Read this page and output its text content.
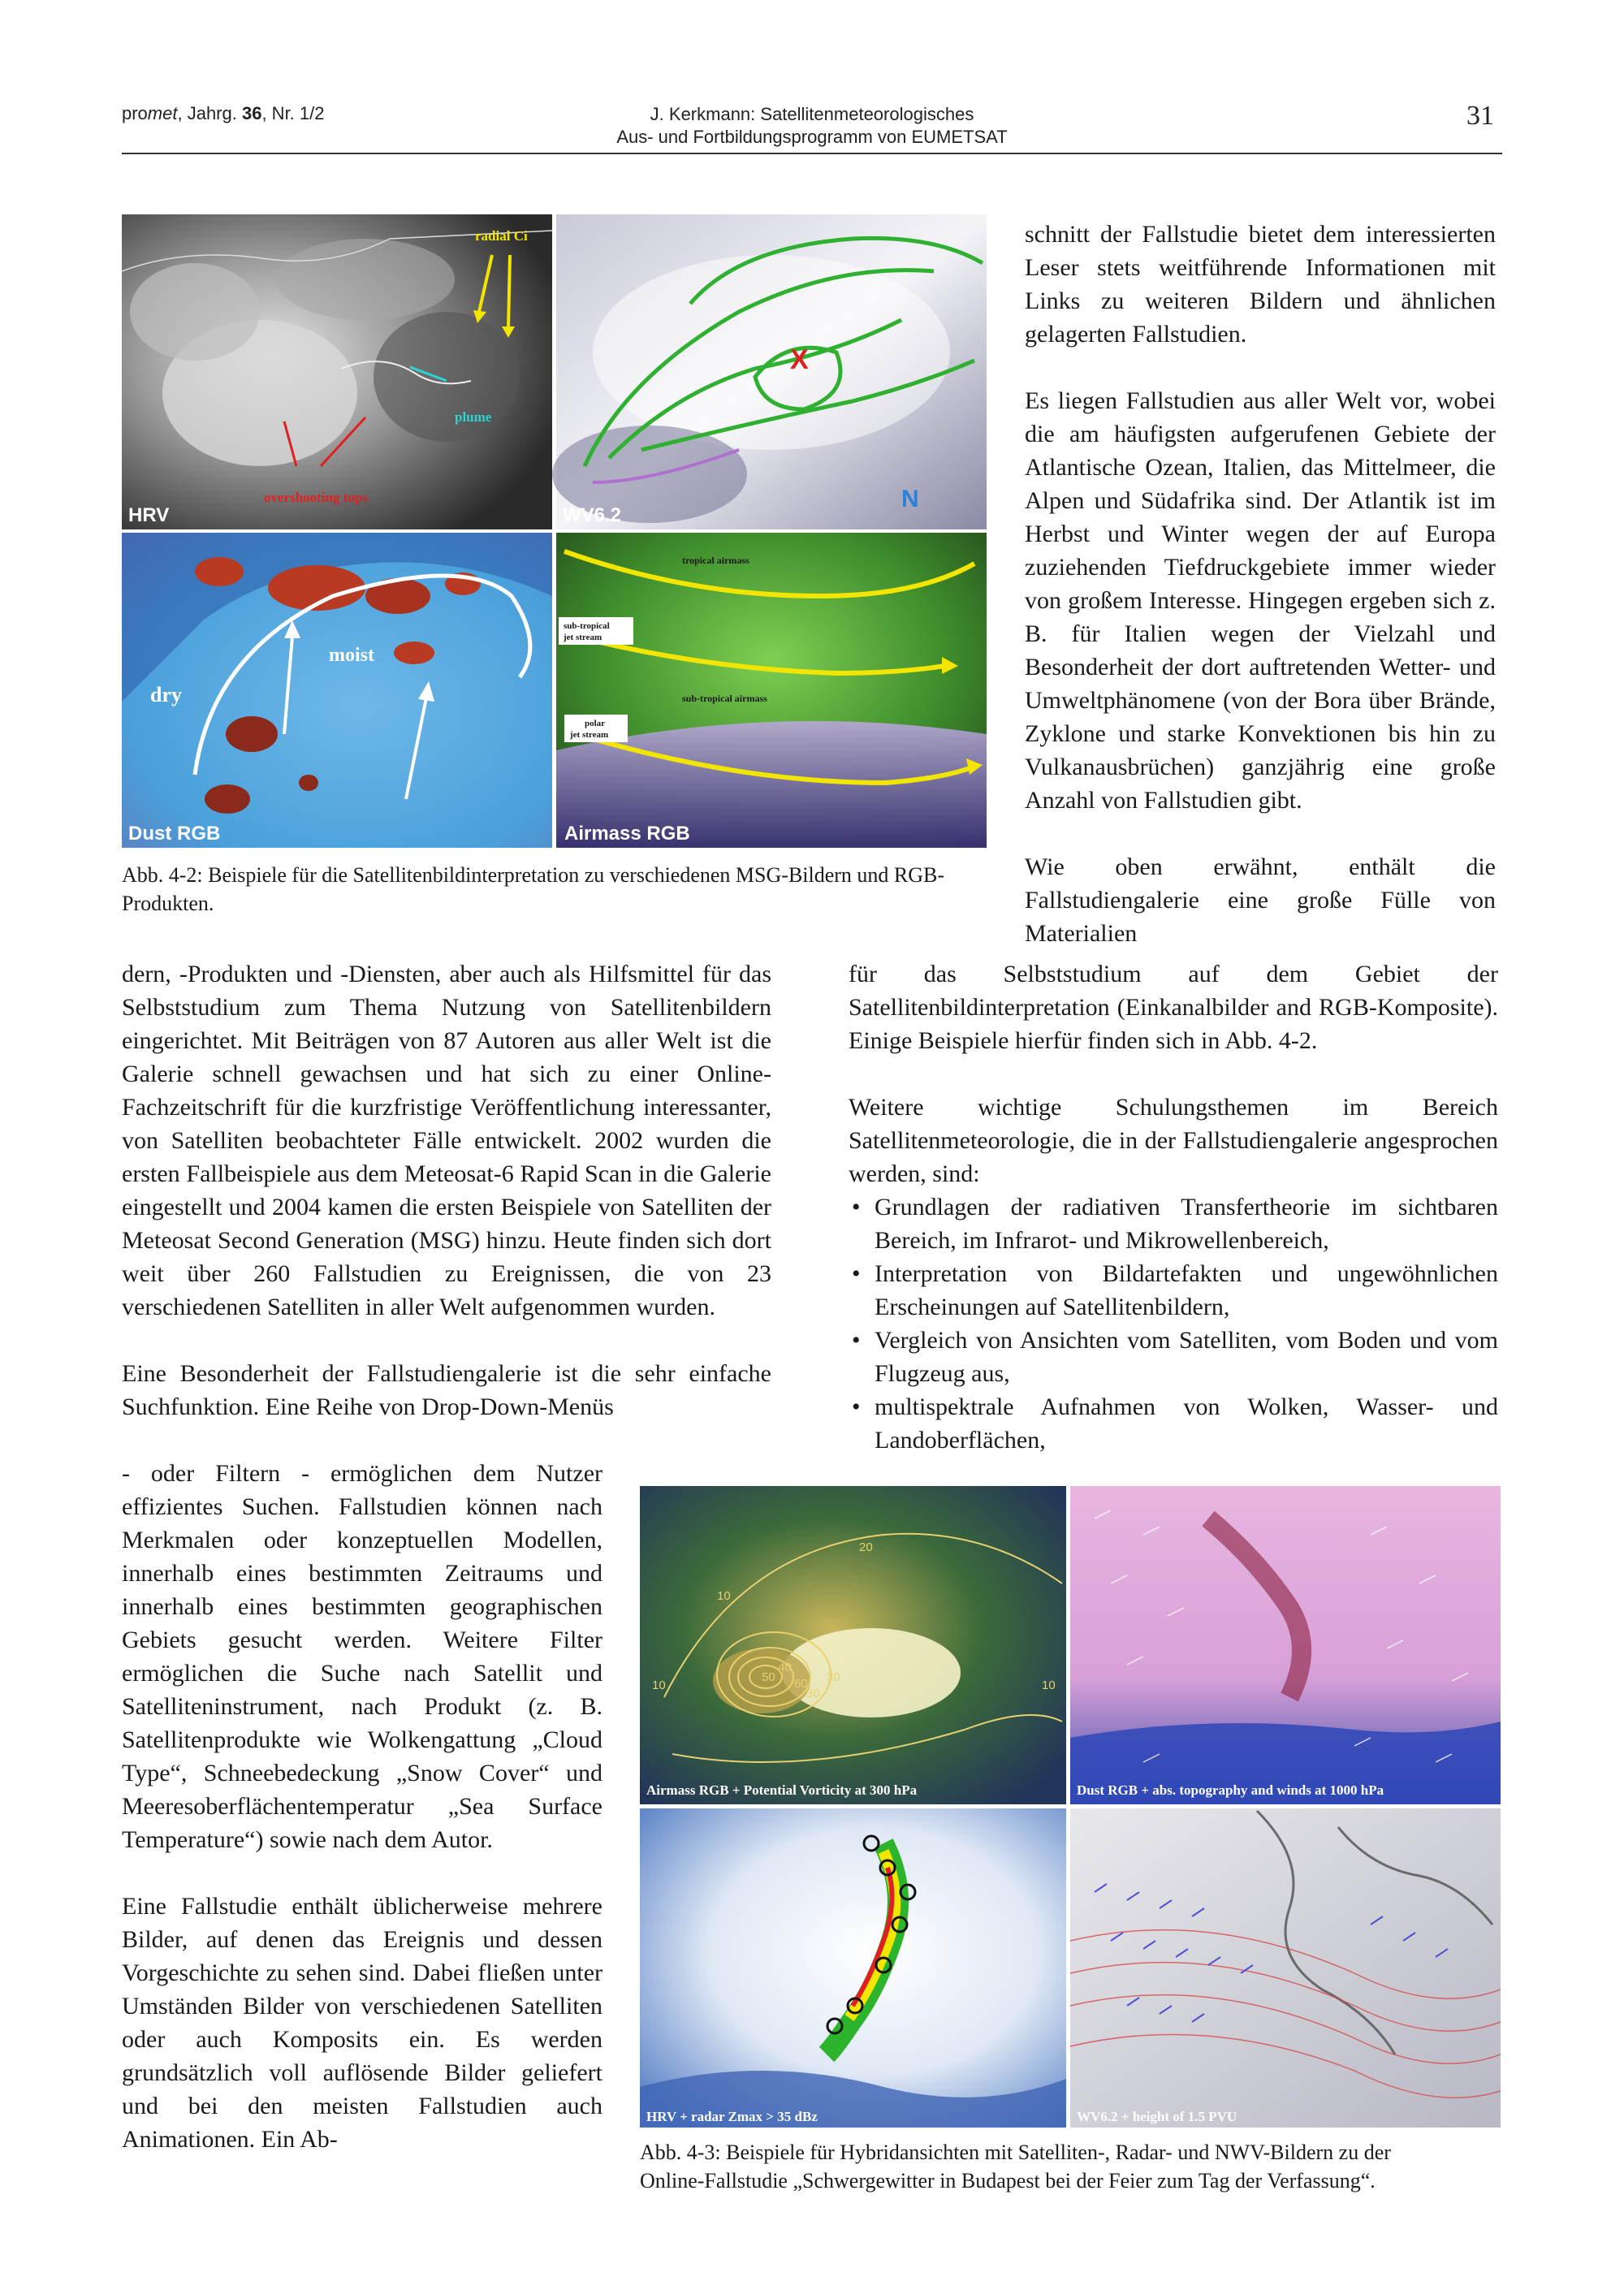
promet, Jahrg. 36, Nr. 1/2	J. Kerkmann: Satellitenmeteorologisches
Aus- und Fortbildungsprogramm von EUMETSAT
31
radial Ci
plume
overshooting tops
HRV
X
N
WV6.2
dry
moist
Dust RGB
tropical airmass
sub-tropical
jet stream
sub-tropical airmass
polar
jet stream
Airmass RGB
Abb. 4-2: Beispiele für die Satellitenbildinterpretation zu verschiedenen MSG-Bildern und RGB-Produkten.

schnitt der Fallstudie bietet dem interessierten Leser stets weitführende Informationen mit Links zu weiteren Bildern und ähnlichen gelagerten Fallstudien.

Es liegen Fallstudien aus aller Welt vor, wobei die am häufigsten aufgerufenen Gebiete der Atlantische Ozean, Italien, das Mittelmeer, die Alpen und Südafrika sind. Der Atlantik ist im Herbst und Winter wegen der auf Europa zuziehenden Tiefdruckgebiete immer wieder von großem Interesse. Hingegen ergeben sich z. B. für Italien wegen der Vielzahl und Besonderheit der dort auftretenden Wetter- und Umweltphänomene (von der Bora über Brände, Zyklone und starke Konvektionen bis hin zu Vulkanausbrüchen) ganzjährig eine große Anzahl von Fallstudien gibt.

Wie oben erwähnt, enthält die Fallstudiengalerie eine große Fülle von Materialien

dern, -Produkten und -Diensten, aber auch als Hilfsmittel für das Selbststudium zum Thema Nutzung von Satellitenbildern eingerichtet. Mit Beiträgen von 87 Autoren aus aller Welt ist die Galerie schnell gewachsen und hat sich zu einer Online-Fachzeitschrift für die kurzfristige Veröffentlichung interessanter, von Satelliten beobachteter Fälle entwickelt. 2002 wurden die ersten Fallbeispiele aus dem Meteosat-6 Rapid Scan in die Galerie eingestellt und 2004 kamen die ersten Beispiele von Satelliten der Meteosat Second Generation (MSG) hinzu. Heute finden sich dort weit über 260 Fallstudien zu Ereignissen, die von 23 verschiedenen Satelliten in aller Welt aufgenommen wurden.

Eine Besonderheit der Fallstudiengalerie ist die sehr einfache Suchfunktion. Eine Reihe von Drop-Down-Menüs

- oder Filtern - ermöglichen dem Nutzer effizientes Suchen. Fallstudien können nach Merkmalen oder konzeptuellen Modellen, innerhalb eines bestimmten Zeitraums und innerhalb eines bestimmten geographischen Gebiets gesucht werden. Weitere Filter ermöglichen die Suche nach Satellit und Satelliteninstrument, nach Produkt (z. B. Satellitenprodukte wie Wolkengattung „Cloud Type“, Schneebedeckung „Snow Cover“ und Meeresoberflächentemperatur „Sea Surface Temperature“) sowie nach dem Autor.

Eine Fallstudie enthält üblicherweise mehrere Bilder, auf denen das Ereignis und dessen Vorgeschichte zu sehen sind. Dabei fließen unter Umständen Bilder von verschiedenen Satelliten oder auch Komposits ein. Es werden grundsätzlich voll auflösende Bilder geliefert und bei den meisten Fallstudien auch Animationen. Ein Ab-

für das Selbststudium auf dem Gebiet der Satellitenbildinterpretation (Einkanalbilder and RGB-Komposite). Einige Beispiele hierfür finden sich in Abb. 4-2.

Weitere wichtige Schulungsthemen im Bereich Satellitenmeteorologie, die in der Fallstudiengalerie angesprochen werden, sind:

• Grundlagen der radiativen Transfertheorie im sichtbaren Bereich, im Infrarot- und Mikrowellenbereich,
• Interpretation von Bildartefakten und ungewöhnlichen Erscheinungen auf Satellitenbildern,
• Vergleich von Ansichten vom Satelliten, vom Boden und vom Flugzeug aus,
• multispektrale Aufnahmen von Wolken, Wasser- und Landoberflächen,
10
20
10
40
50 60
30
30
10
Airmass RGB + Potential Vorticity at 300 hPa	Dust RGB + abs. topography and winds at 1000 hPa
HRV + radar Zmax > 35 dBz	WV6.2 + height of 1.5 PVU
Abb. 4-3: Beispiele für Hybridansichten mit Satelliten-, Radar- und NWV-Bildern zu der
Online-Fallstudie „Schwergewitter in Budapest bei der Feier zum Tag der Verfassung“.
